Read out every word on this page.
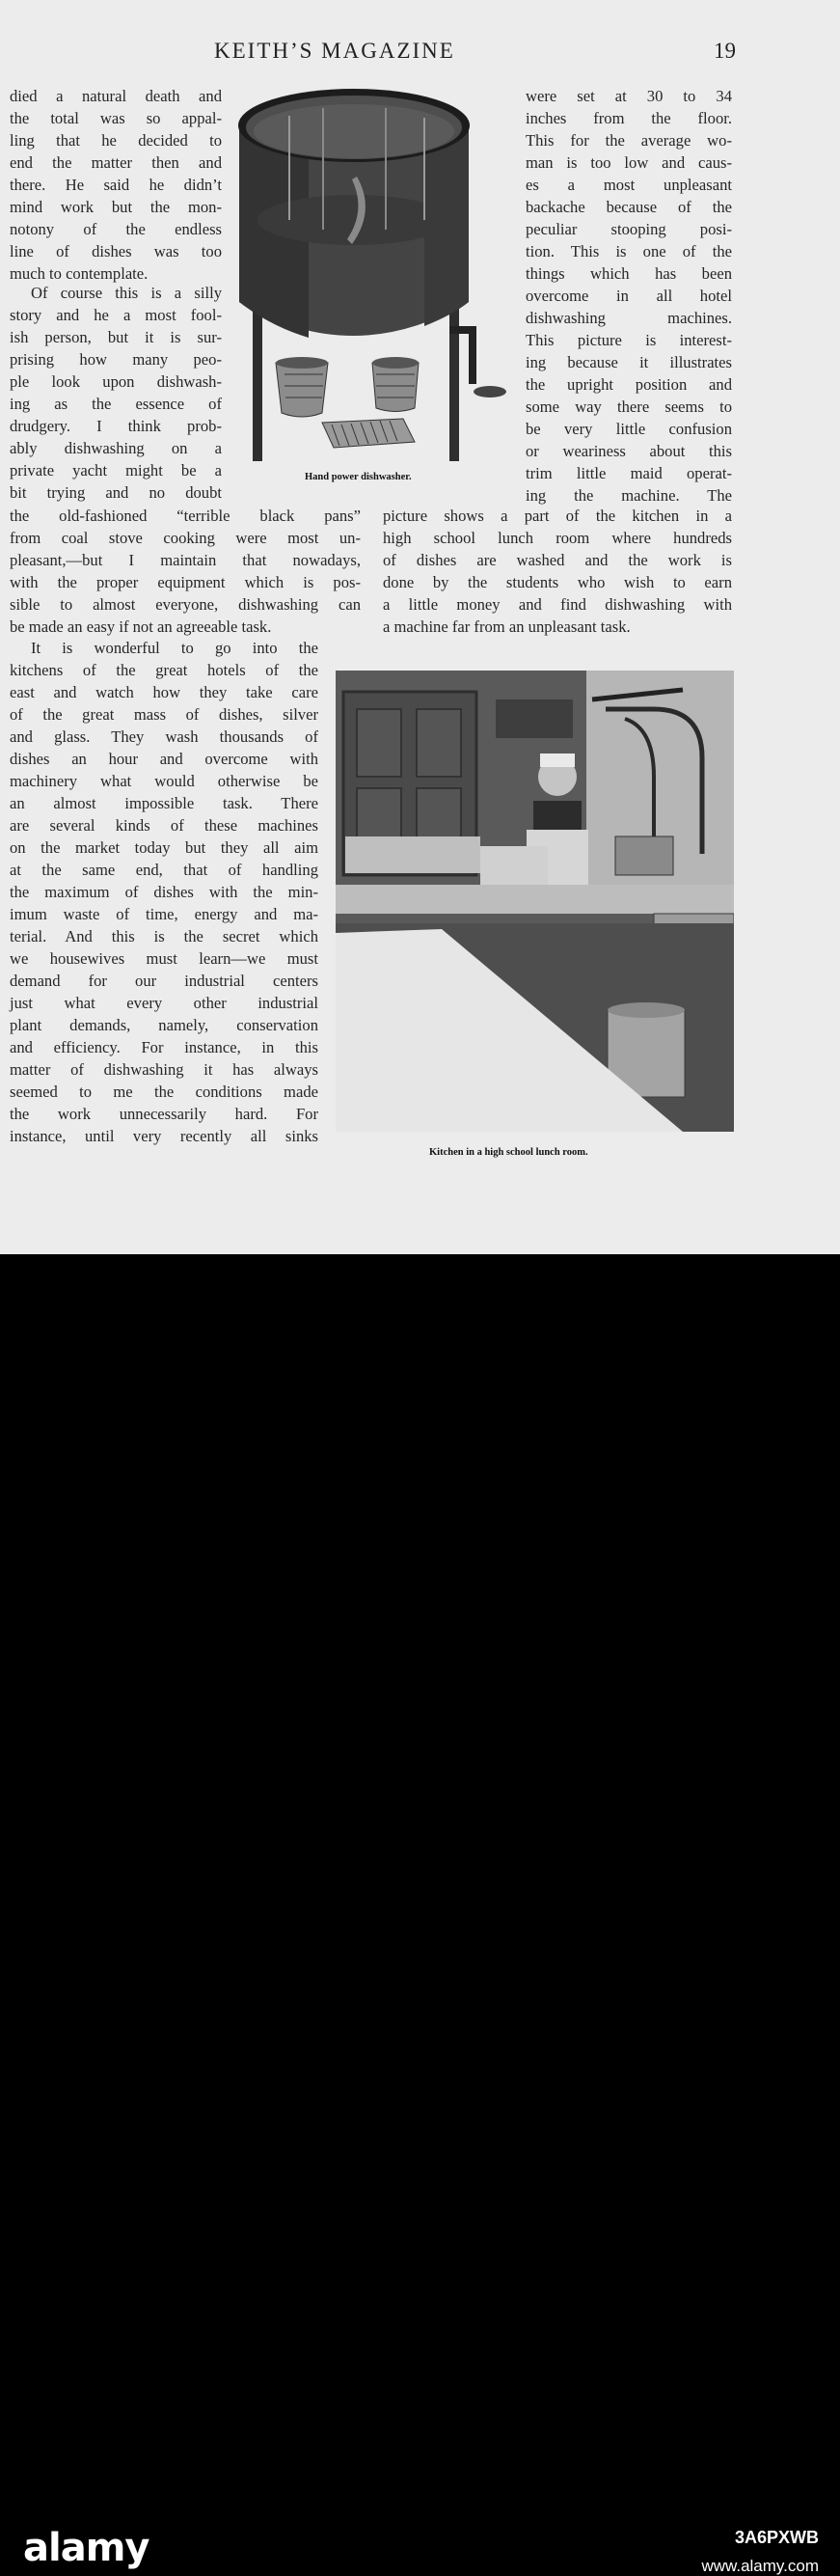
KEITH’S MAGAZINE	19
died a natural death and
the total was so appal-
ling that he decided to
end the matter then and
there. He said he didn’t
mind work but the mon-
notony of the endless
line of dishes was too
much to contemplate.
Of course this is a silly
story and he a most fool-
ish person, but it is sur-
prising how many peo-
ple look upon dishwash-
ing as the essence of
drudgery. I think prob-
ably dishwashing on a
private yacht might be a
bit trying and no doubt
were set at 30 to 34
inches from the floor.
This for the average wo-
man is too low and caus-
es a most unpleasant
backache because of the
peculiar stooping posi-
tion. This is one of the
things which has been
overcome in all hotel
dishwashing machines.
This picture is interest-
ing because it illustrates
the upright position and
some way there seems to
be very little confusion
or weariness about this
trim little maid operat-
ing the machine. The
the old-fashioned “terrible black pans”
from coal stove cooking were most un-
pleasant,—but I maintain that nowadays,
with the proper equipment which is pos-
sible to almost everyone, dishwashing can
be made an easy if not an agreeable task.
picture shows a part of the kitchen in a
high school lunch room where hundreds
of dishes are washed and the work is
done by the students who wish to earn
a little money and find dishwashing with
a machine far from an unpleasant task.
It is wonderful to go into the
kitchens of the great hotels of the
east and watch how they take care
of the great mass of dishes, silver
and glass. They wash thousands of
dishes an hour and overcome with
machinery what would otherwise be
an almost impossible task. There
are several kinds of these machines
on the market today but they all aim
at the same end, that of handling
the maximum of dishes with the min-
imum waste of time, energy and ma-
terial. And this is the secret which
we housewives must learn—we must
demand for our industrial centers
just what every other industrial
plant demands, namely, conservation
and efficiency. For instance, in this
matter of dishwashing it has always
seemed to me the conditions made
the work unnecessarily hard. For
instance, until very recently all sinks
Hand power dishwasher.
Kitchen in a high school lunch room.
alamy	3A6PXWB
www.alamy.com
